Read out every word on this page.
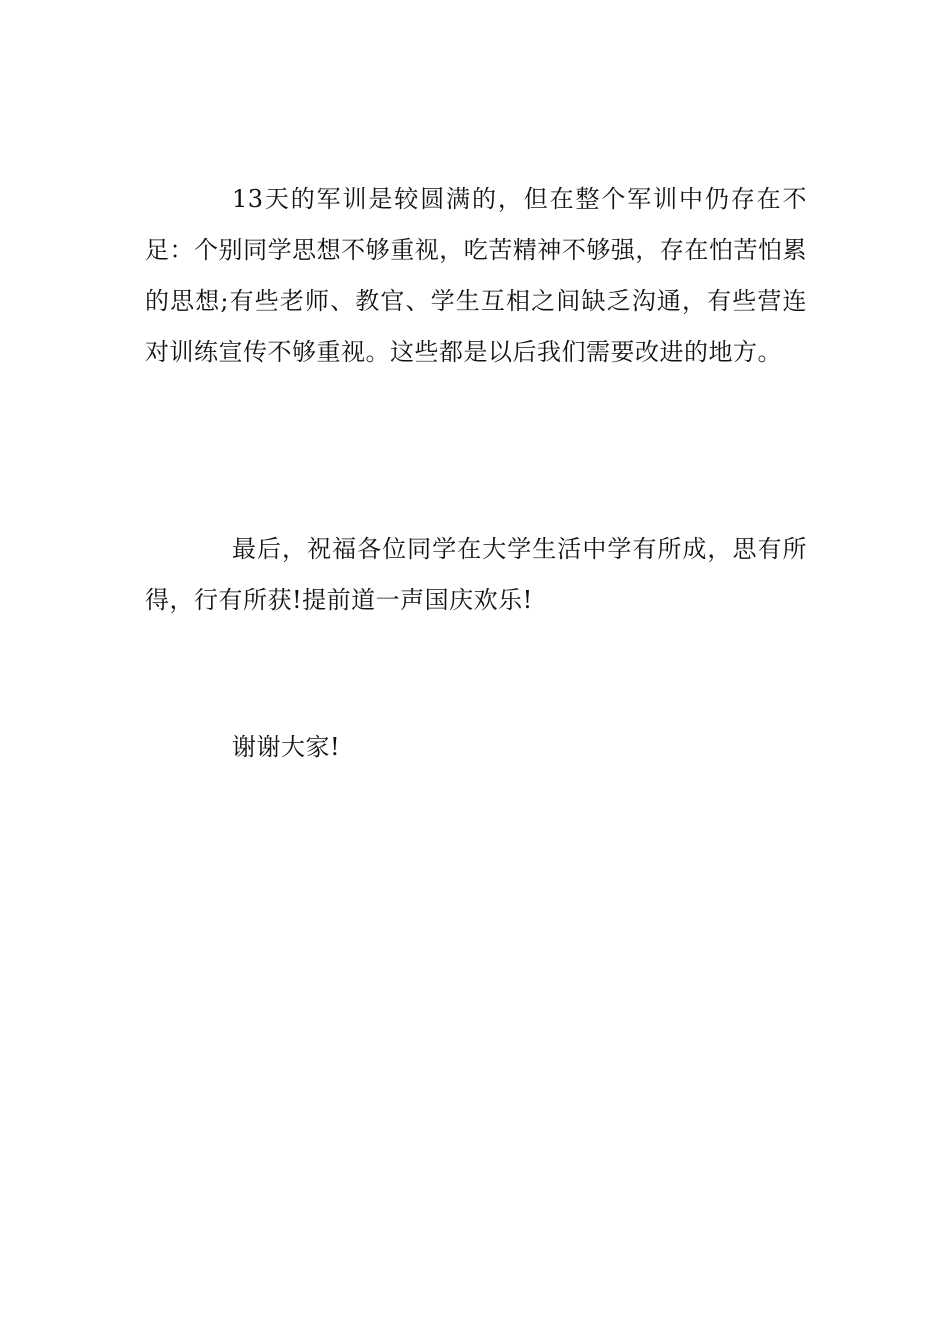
13天的军训是较圆满的，但在整个军训中仍存在不足：个别同学思想不够重视，吃苦精神不够强，存在怕苦怕累的思想;有些老师、教官、学生互相之间缺乏沟通，有些营连对训练宣传不够重视。这些都是以后我们需要改进的地方。

最后，祝福各位同学在大学生活中学有所成，思有所得，行有所获!提前道一声国庆欢乐!

谢谢大家!
